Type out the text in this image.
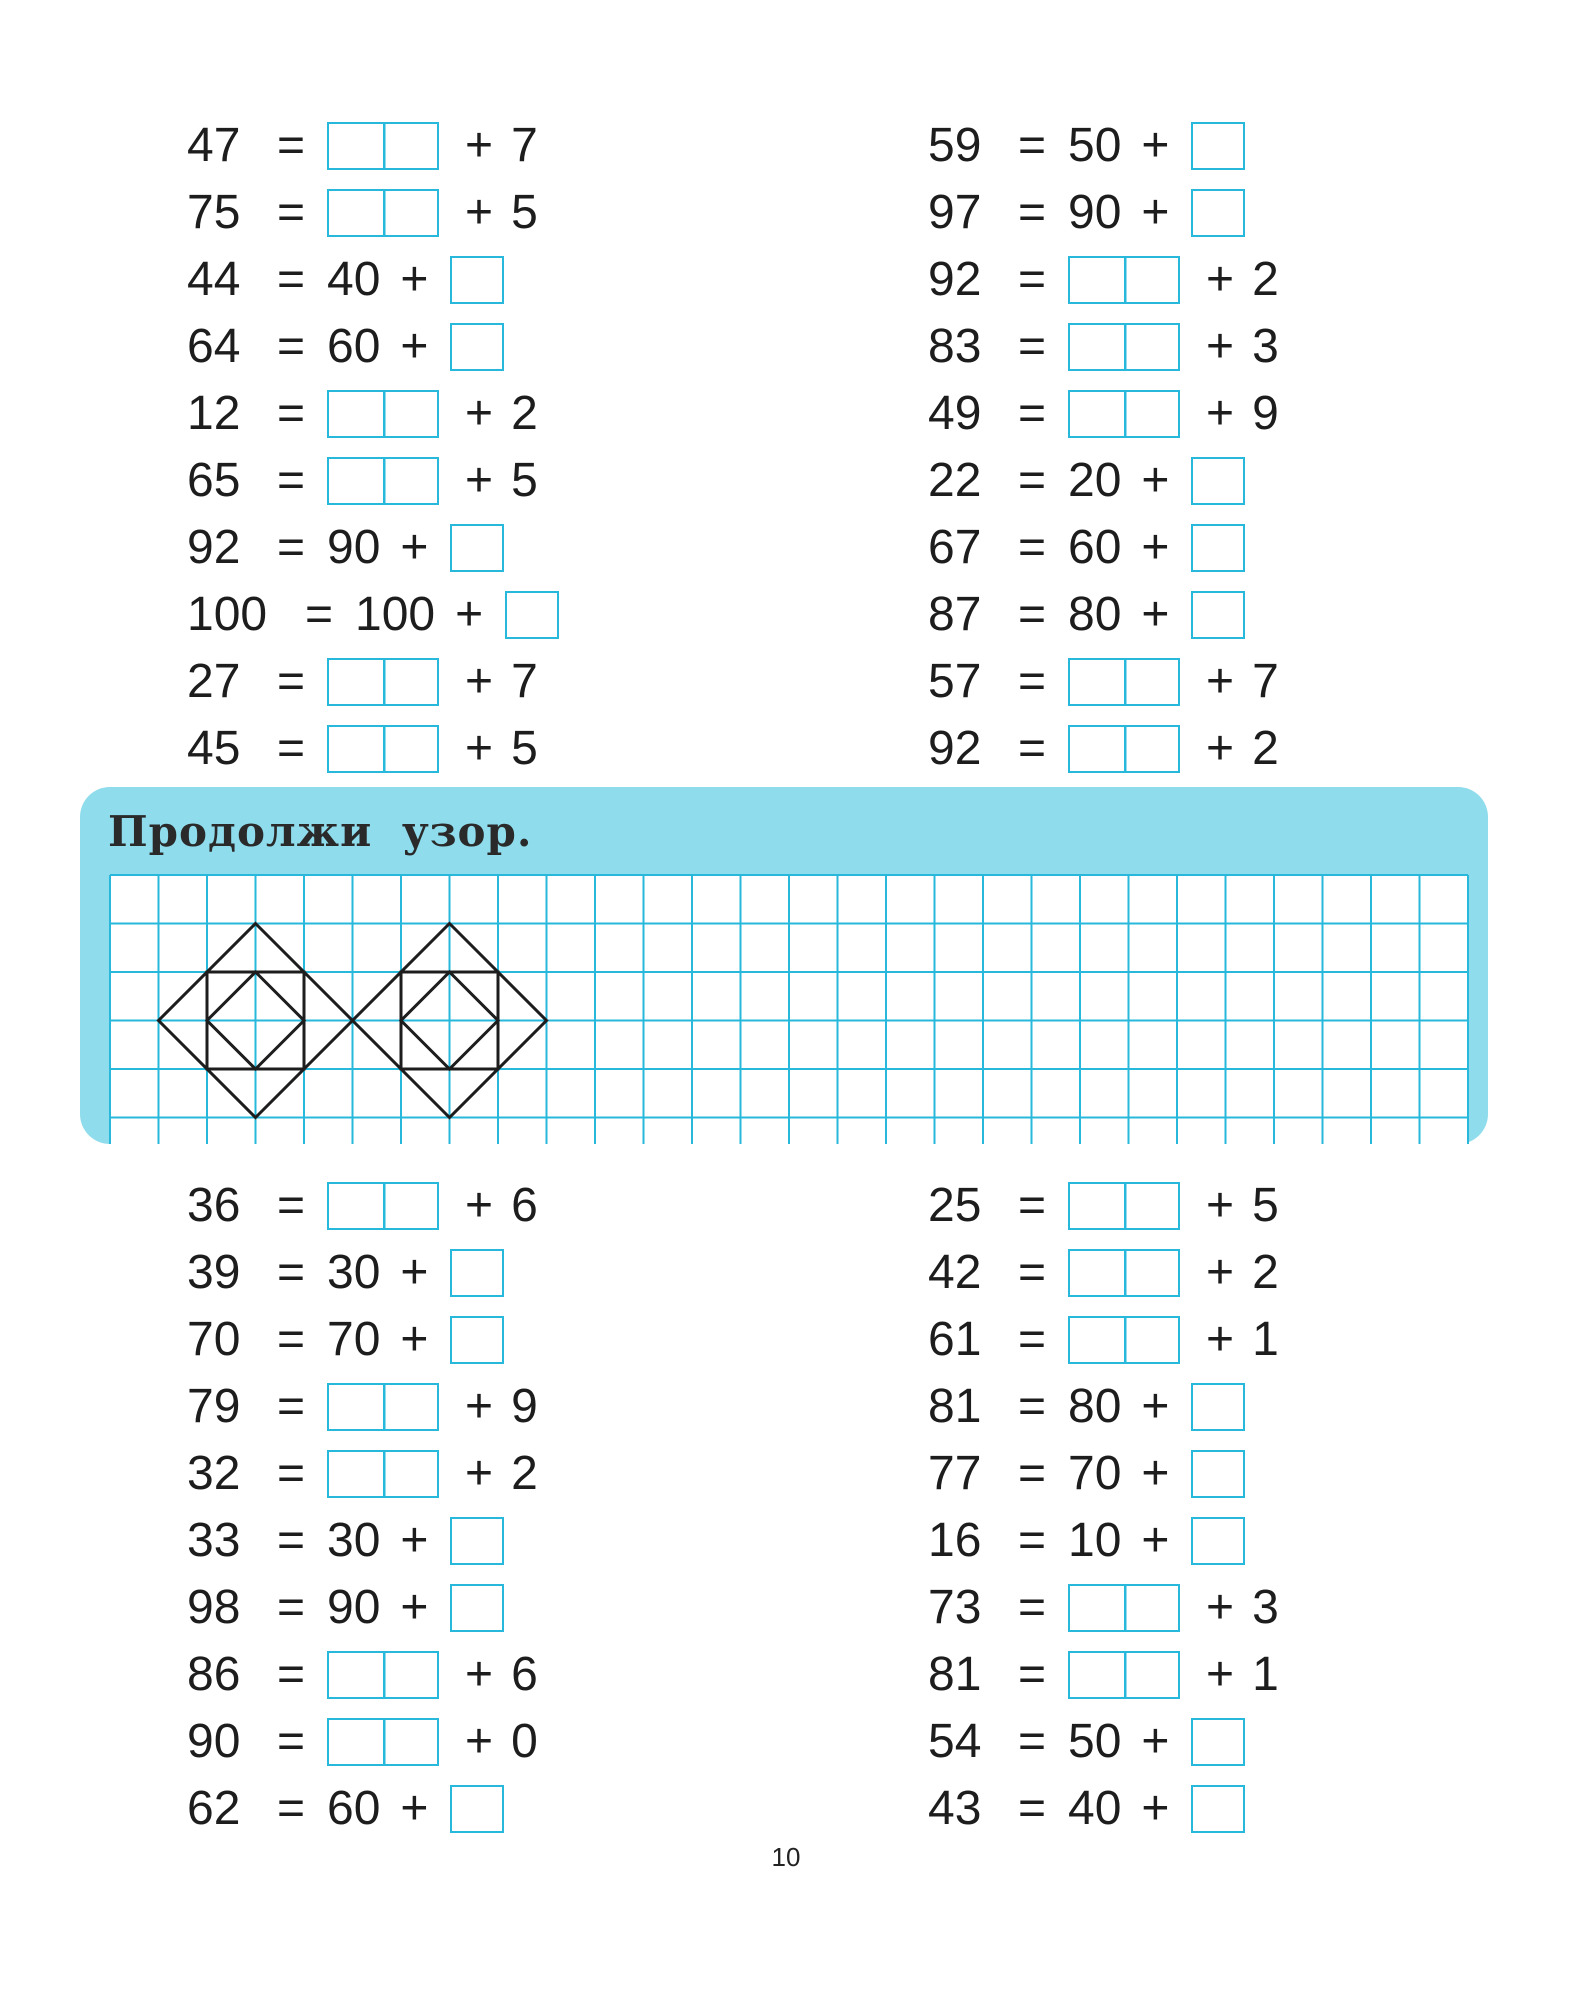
47 =	+ 7
75 =	+ 5
44 = 40 +
64 = 60 +
12 =	+ 2
65 =	+ 5
92 = 90 +
100 = 100 +
27 =	+ 7
45 =	+ 5
59 = 50 +
97 = 90 +
92 =	+ 2
83 =	+ 3
49 =	+ 9
22 = 20 +
67 = 60 +
87 = 80 +
57 =	+ 7
92 =	+ 2
Продолжи узор.
36 =	+ 6
39 = 30 +
70 = 70 +
79 =	+ 9
32 =	+ 2
33 = 30 +
98 = 90 +
86 =	+ 6
90 =	+ 0
62 = 60 +
25 =	+ 5
42 =	+ 2
61 =	+ 1
81 = 80 +
77 = 70 +
16 = 10 +
73 =	+ 3
81 =	+ 1
54 = 50 +
43 = 40 +
10
